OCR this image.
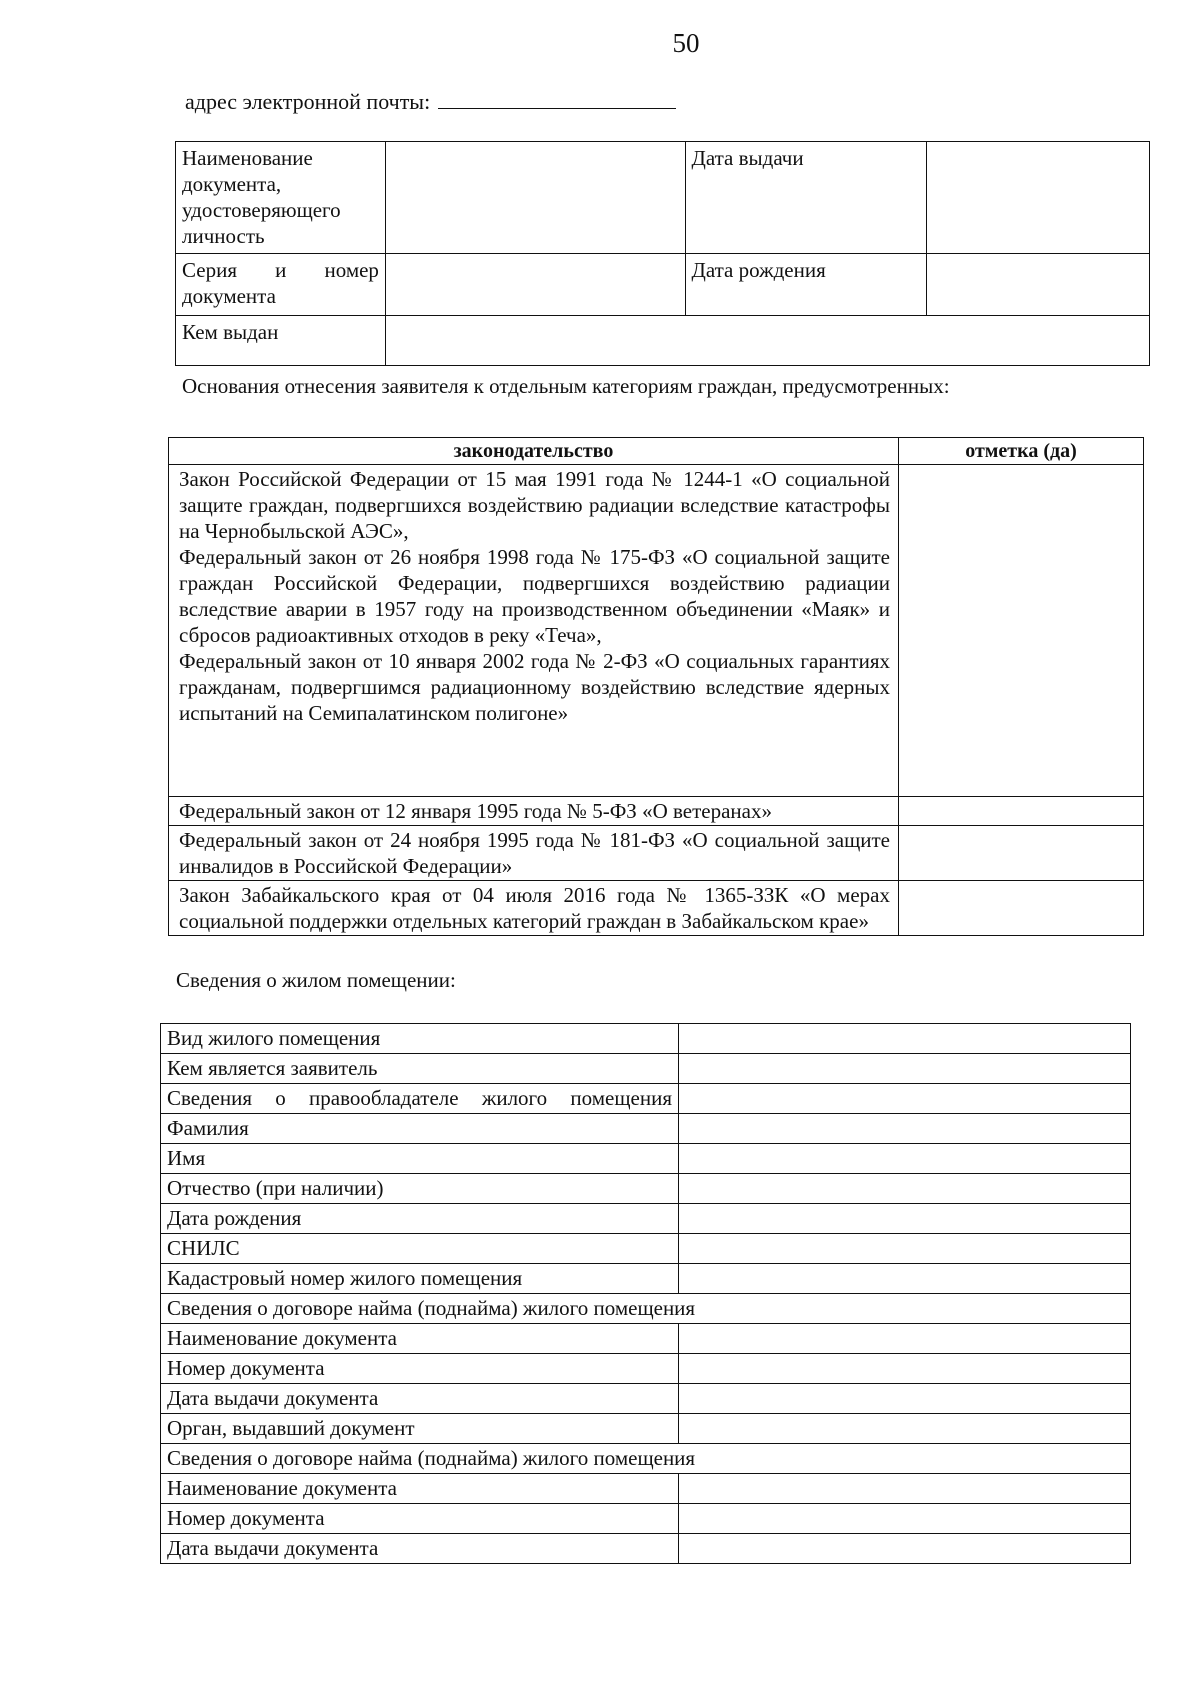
50
адрес электронной почты:
Наименование документа, удостоверяющего личность		Дата выдачи	
Серия и номер документа		Дата рождения	
Кем выдан			
Основания отнесения заявителя к отдельным категориям граждан, предусмотренных:
законодательство	отметка (да)

Закон Российской Федерации от 15 мая 1991 года № 1244-1 «О социальной защите граждан, подвергшихся воздействию радиации вследствие катастрофы на Чернобыльской АЭС»,

Федеральный закон от 26 ноября 1998 года № 175-ФЗ «О социальной защите граждан Российской Федерации, подвергшихся воздействию радиации вследствие аварии в 1957 году на производственном объединении «Маяк» и сбросов радиоактивных отходов в реку «Теча»,

Федеральный закон от 10 января 2002 года № 2-ФЗ «О социальных гарантиях гражданам, подвергшимся радиационному воздействию вследствие ядерных испытаний на Семипалатинском полигоне»	

Федеральный закон от 12 января 1995 года № 5-ФЗ «О ветеранах»	
Федеральный закон от 24 ноября 1995 года № 181-ФЗ «О социальной защите инвалидов в Российской Федерации»	
Закон Забайкальского края от 04 июля 2016 года № 1365-ЗЗК «О мерах социальной поддержки отдельных категорий граждан в Забайкальском крае»	
Сведения о жилом помещении:
Вид жилого помещения	
Кем является заявитель	
Сведения о правообладателе жилого помещения	
Фамилия	
Имя	
Отчество (при наличии)	
Дата рождения	
СНИЛС	
Кадастровый номер жилого помещения	
Сведения о договоре найма (поднайма) жилого помещения	
Наименование документа	
Номер документа	
Дата выдачи документа	
Орган, выдавший документ	
Сведения о договоре найма (поднайма) жилого помещения	
Наименование документа	
Номер документа	
Дата выдачи документа	
